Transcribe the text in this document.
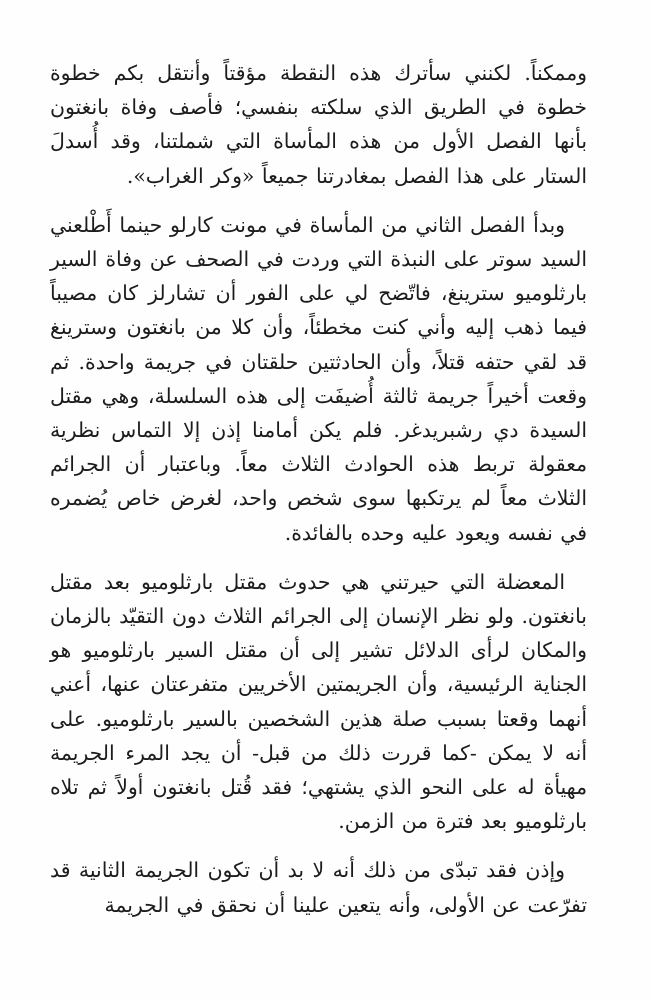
وممكناً. لكنني سأترك هذه النقطة مؤقتاً وأنتقل بكم خطوة خطوة في الطريق الذي سلكته بنفسي؛ فأصف وفاة بانغتون بأنها الفصل الأول من هذه المأساة التي شملتنا، وقد أُسدلَ الستار على هذا الفصل بمغادرتنا جميعاً «وكر الغراب».

وبدأ الفصل الثاني من المأساة في مونت كارلو حينما أَطْلعني السيد سوتر على النبذة التي وردت في الصحف عن وفاة السير بارثلوميو سترينغ، فاتّضح لي على الفور أن تشارلز كان مصيباً فيما ذهب إليه وأني كنت مخطئاً، وأن كلا من بانغتون وسترينغ قد لقي حتفه قتلاً، وأن الحادثتين حلقتان في جريمة واحدة. ثم وقعت أخيراً جريمة ثالثة أُضيفَت إلى هذه السلسلة، وهي مقتل السيدة دي رشبريدغر. فلم يكن أمامنا إذن إلا التماس نظرية معقولة تربط هذه الحوادث الثلاث معاً. وباعتبار أن الجرائم الثلاث معاً لم يرتكبها سوى شخص واحد، لغرض خاص يُضمره في نفسه ويعود عليه وحده بالفائدة.

المعضلة التي حيرتني هي حدوث مقتل بارثلوميو بعد مقتل بانغتون. ولو نظر الإنسان إلى الجرائم الثلاث دون التقيّد بالزمان والمكان لرأى الدلائل تشير إلى أن مقتل السير بارثلوميو هو الجناية الرئيسية، وأن الجريمتين الأخريين متفرعتان عنها، أعني أنهما وقعتا بسبب صلة هذين الشخصين بالسير بارثلوميو. على أنه لا يمكن -كما قررت ذلك من قبل- أن يجد المرء الجريمة مهيأة له على النحو الذي يشتهي؛ فقد قُتل بانغتون أولاً ثم تلاه بارثلوميو بعد فترة من الزمن.

وإذن فقد تبدّى من ذلك أنه لا بد أن تكون الجريمة الثانية قد تفرّعت عن الأولى، وأنه يتعين علينا أن نحقق في الجريمة
